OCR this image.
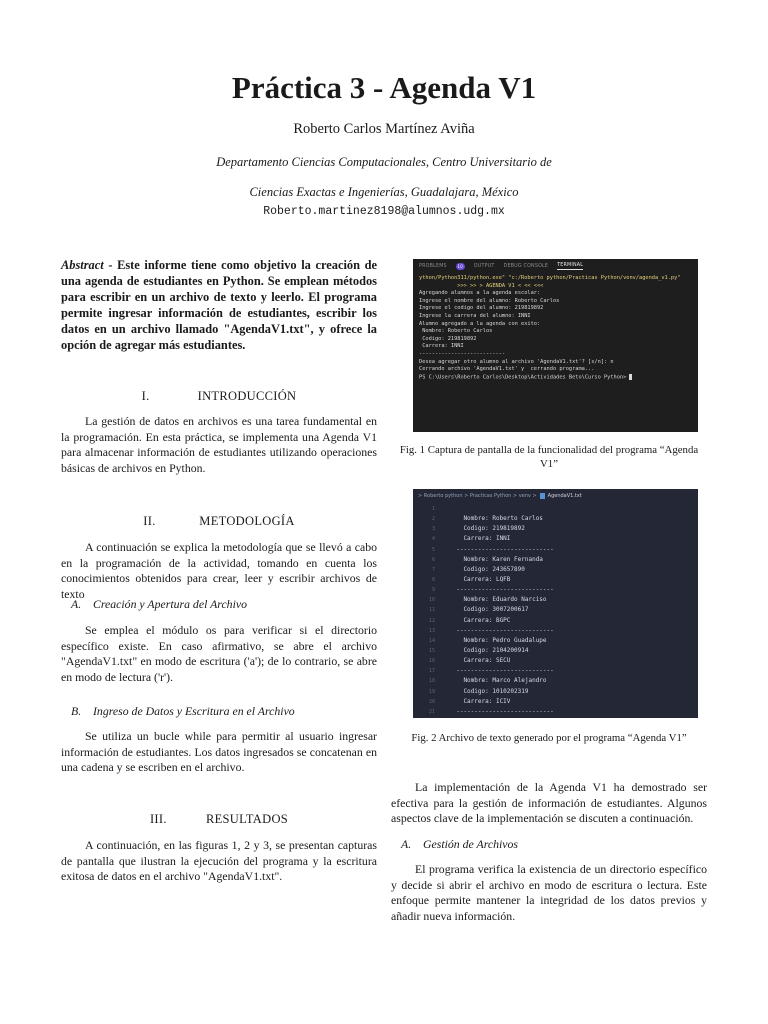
Práctica 3 - Agenda V1
Roberto Carlos Martínez Aviña
Departamento Ciencias Computacionales, Centro Universitario de
Ciencias Exactas e Ingenierías, Guadalajara, México
Roberto.martinez8198@alumnos.udg.mx
Abstract - Este informe tiene como objetivo la creación de una agenda de estudiantes en Python. Se emplean métodos para escribir en un archivo de texto y leerlo. El programa permite ingresar información de estudiantes, escribir los datos en un archivo llamado "AgendaV1.txt", y ofrece la opción de agregar más estudiantes.
I.	INTRODUCCIÓN
La gestión de datos en archivos es una tarea fundamental en la programación. En esta práctica, se implementa una Agenda V1 para almacenar información de estudiantes utilizando operaciones básicas de archivos en Python.
II.	METODOLOGÍA
A continuación se explica la metodología que se llevó a cabo en la programación de la actividad, tomando en cuenta los conocimientos obtenidos para crear, leer y escribir archivos de texto
A. Creación y Apertura del Archivo
Se emplea el módulo os para verificar si el directorio específico existe. En caso afirmativo, se abre el archivo "AgendaV1.txt" en modo de escritura ('a'); de lo contrario, se abre en modo de lectura ('r').
B. Ingreso de Datos y Escritura en el Archivo
Se utiliza un bucle while para permitir al usuario ingresar información de estudiantes. Los datos ingresados se concatenan en una cadena y se escriben en el archivo.
III.	RESULTADOS
A continuación, en las figuras 1, 2 y 3, se presentan capturas de pantalla que ilustran la ejecución del programa y la escritura exitosa de datos en el archivo "AgendaV1.txt".
PROBLEMS	10	OUTPUT DEBUG CONSOLE TERMINAL
ython/Python311/python.exe" "c:/Roberto python/Practicas Python/venv/agenda_v1.py"
>>> >> > AGENDA V1 < << <<<
Agregando alumnos a la agenda escolar:
Ingrese el nombre del alumno: Roberto Carlos
Ingrese el codigo del alumno: 219819892
Ingrese la carrera del alumno: INNI
Alumno agregado a la agenda con exito:
Nombre: Roberto Carlos
Codigo: 219819892
Carrera: INNI
---------------------------
Desea agregar otro alumno al archivo 'AgendaV1.txt'? [s/n]: n
Cerrando archivo 'AgendaV1.txt' y  cerrando programa...
PS C:\Users\Roberto Carlos\Desktop\Actividades Beto\Curso Python>
> Roberto python > Practicas Python > venv > AgendaV1.txt
1
2	Nombre: Roberto Carlos
3	Codigo: 219819892
4	Carrera: INNI
5	---------------------------
6	Nombre: Karen Fernanda
7	Codigo: 243657890
8	Carrera: LQFB
9	---------------------------
10	Nombre: Eduardo Narciso
11	Codigo: 3007200617
12	Carrera: BGPC
13	---------------------------
14	Nombre: Pedro Guadalupe
15	Codigo: 2104200914
16	Carrera: SECU
17	---------------------------
18	Nombre: Marco Alejandro
19	Codigo: 1010202319
20	Carrera: ICIV
21	---------------------------
Fig. 1 Captura de pantalla de la funcionalidad del programa “Agenda V1”
Fig. 2 Archivo de texto generado por el programa “Agenda V1”
La implementación de la Agenda V1 ha demostrado ser efectiva para la gestión de información de estudiantes. Algunos aspectos clave de la implementación se discuten a continuación.
A. Gestión de Archivos
El programa verifica la existencia de un directorio específico y decide si abrir el archivo en modo de escritura o lectura. Este enfoque permite mantener la integridad de los datos previos y añadir nueva información.
